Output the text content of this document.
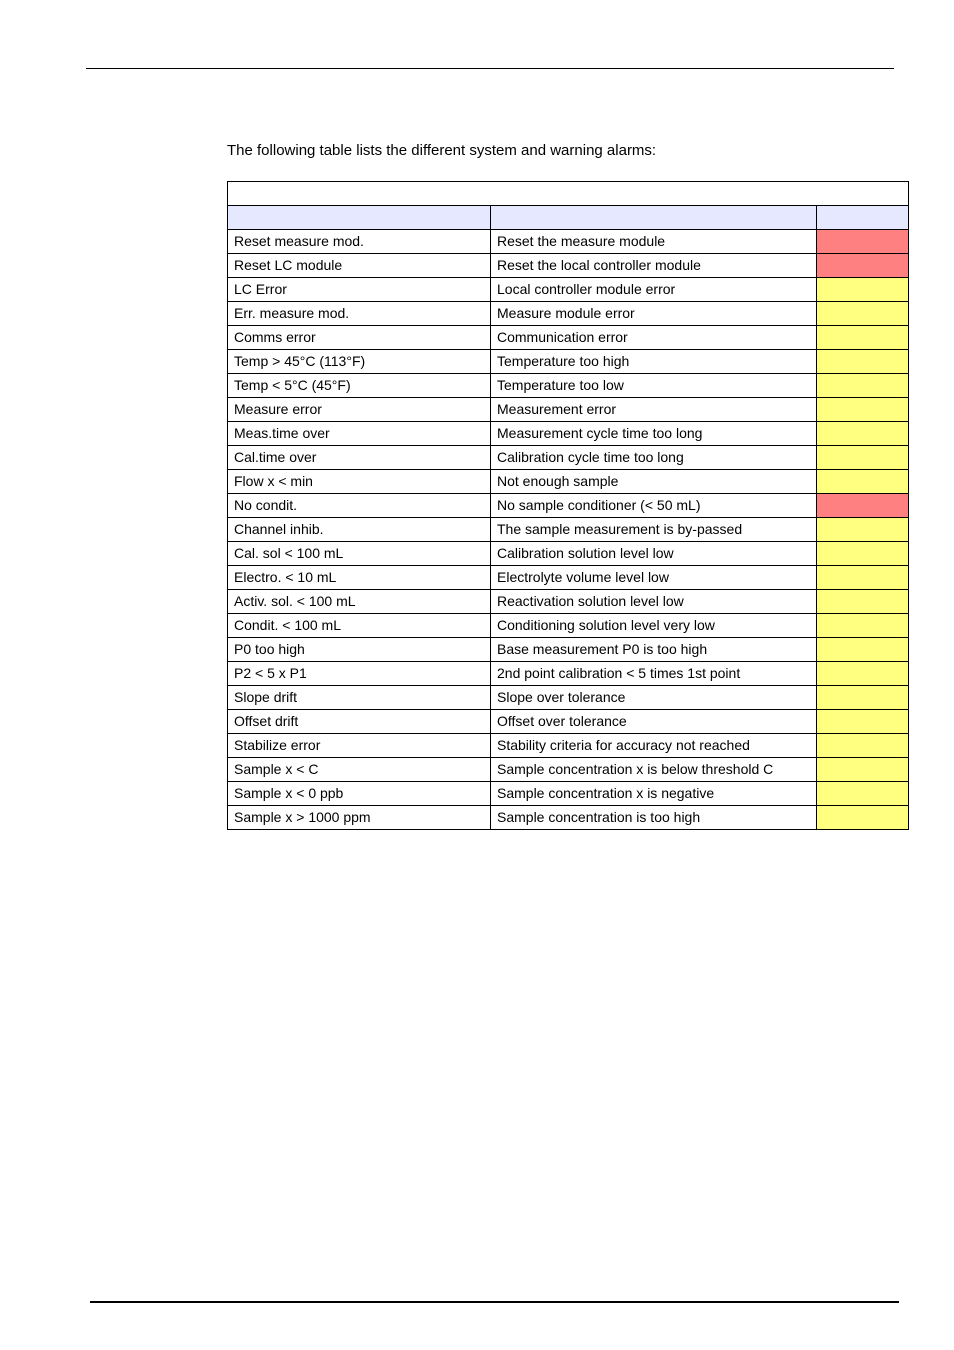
The following table lists the different system and warning alarms:

Reset measure mod.	Reset the measure module	
Reset LC module	Reset the local controller module	
LC Error	Local controller module error	
Err. measure mod.	Measure module error	
Comms error	Communication error	
Temp > 45°C (113°F)	Temperature too high	
Temp < 5°C (45°F)	Temperature too low	
Measure error	Measurement error	
Meas.time over	Measurement cycle time too long	
Cal.time over	Calibration cycle time too long	
Flow x < min	Not enough sample	
No condit.	No sample conditioner (< 50 mL)	
Channel inhib.	The sample measurement is by-passed	
Cal. sol < 100 mL	Calibration solution level low	
Electro. < 10 mL	Electrolyte volume level low	
Activ. sol. < 100 mL	Reactivation solution level low	
Condit. < 100 mL	Conditioning solution level very low	
P0 too high	Base measurement P0 is too high	
P2 < 5 x P1	2nd point calibration < 5 times 1st point	
Slope drift	Slope over tolerance	
Offset drift	Offset over tolerance	
Stabilize error	Stability criteria for accuracy not reached	
Sample x < C	Sample concentration x is below threshold C	
Sample x < 0 ppb	Sample concentration x is negative	
Sample x > 1000 ppm	Sample concentration is too high	
